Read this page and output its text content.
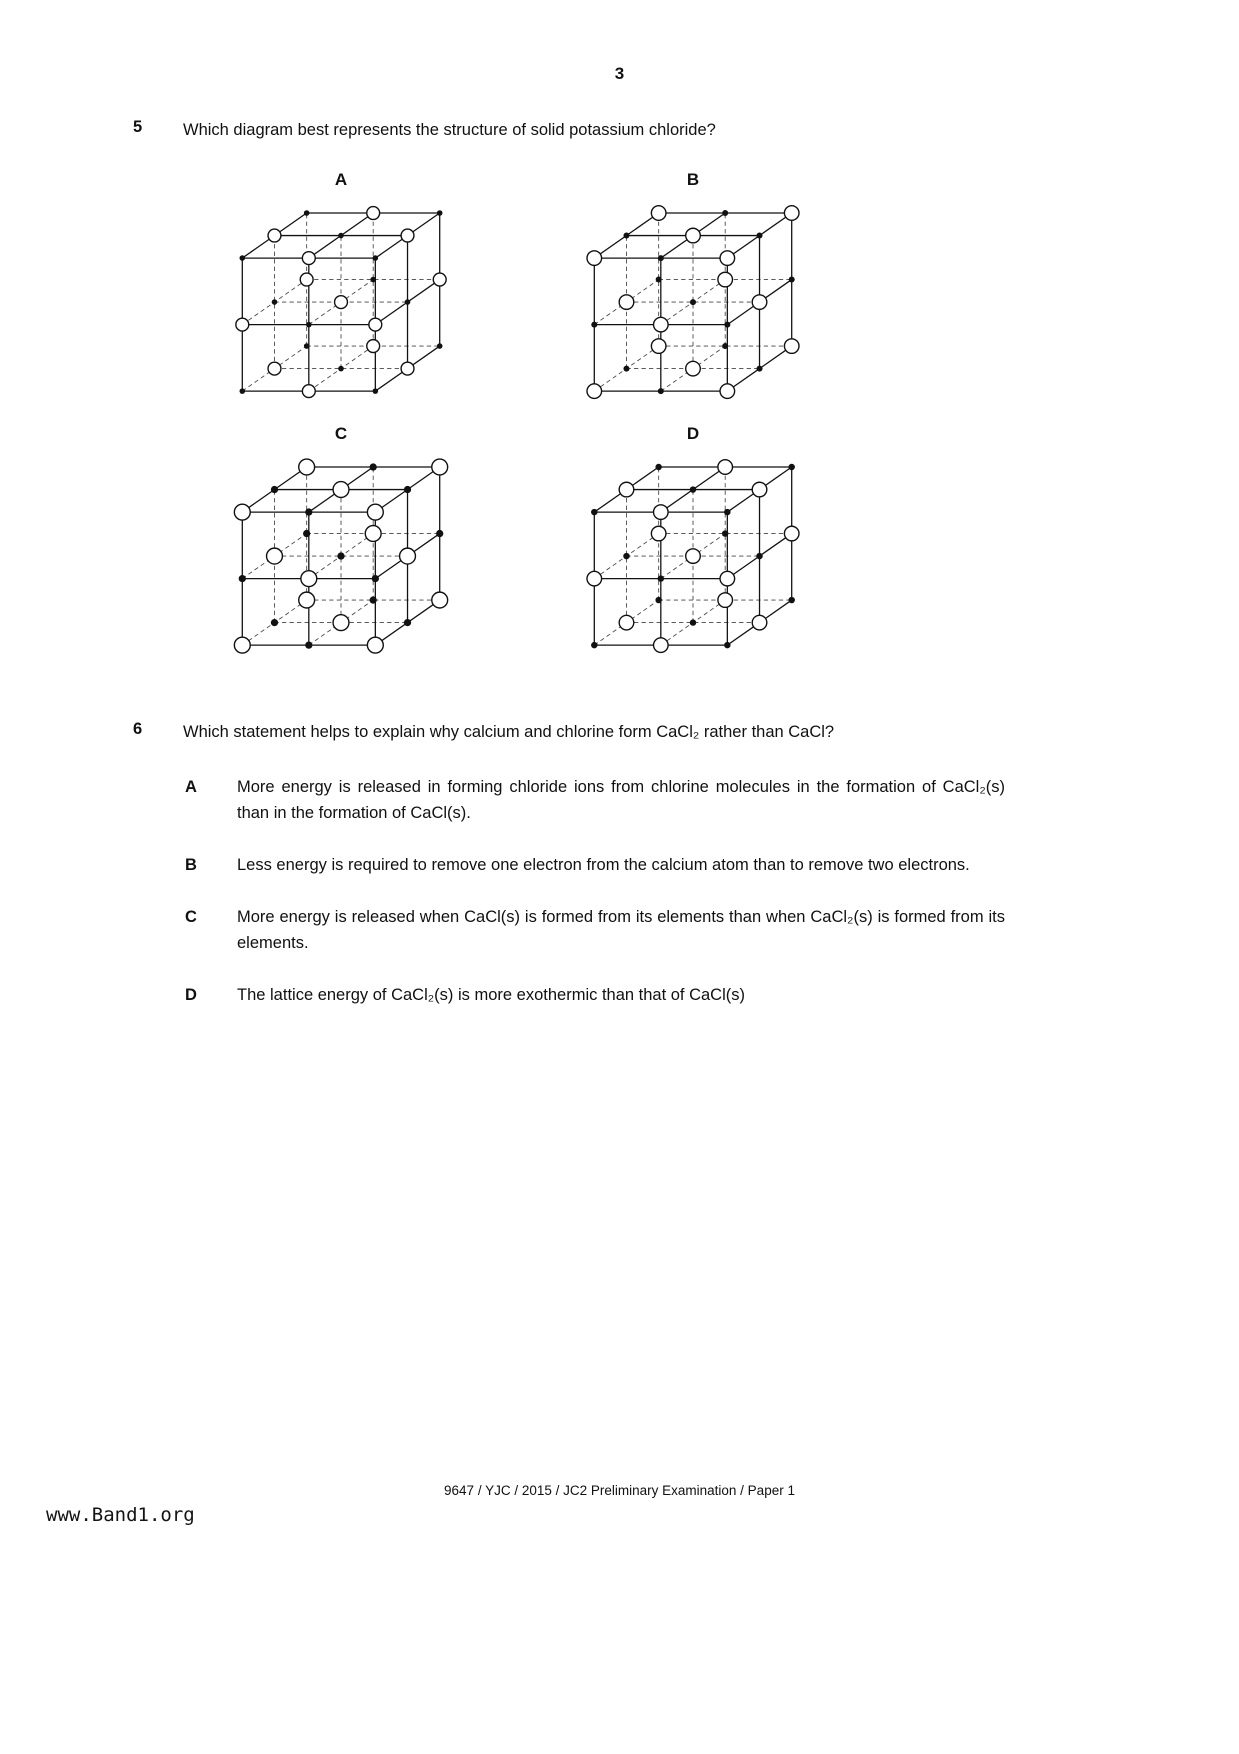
3
5	Which diagram best represents the structure of solid potassium chloride?
A	B
C	D
6	Which statement helps to explain why calcium and chlorine form CaCl₂ rather than CaCl?
A	More energy is released in forming chloride ions from chlorine molecules in the formation of CaCl₂(s) than in the formation of CaCl(s).
B	Less energy is required to remove one electron from the calcium atom than to remove two electrons.
C	More energy is released when CaCl(s) is formed from its elements than when CaCl₂(s) is formed from its elements.
D	The lattice energy of CaCl₂(s) is more exothermic than that of CaCl(s)
9647 / YJC / 2015 / JC2 Preliminary Examination / Paper 1
www.Band1.org
